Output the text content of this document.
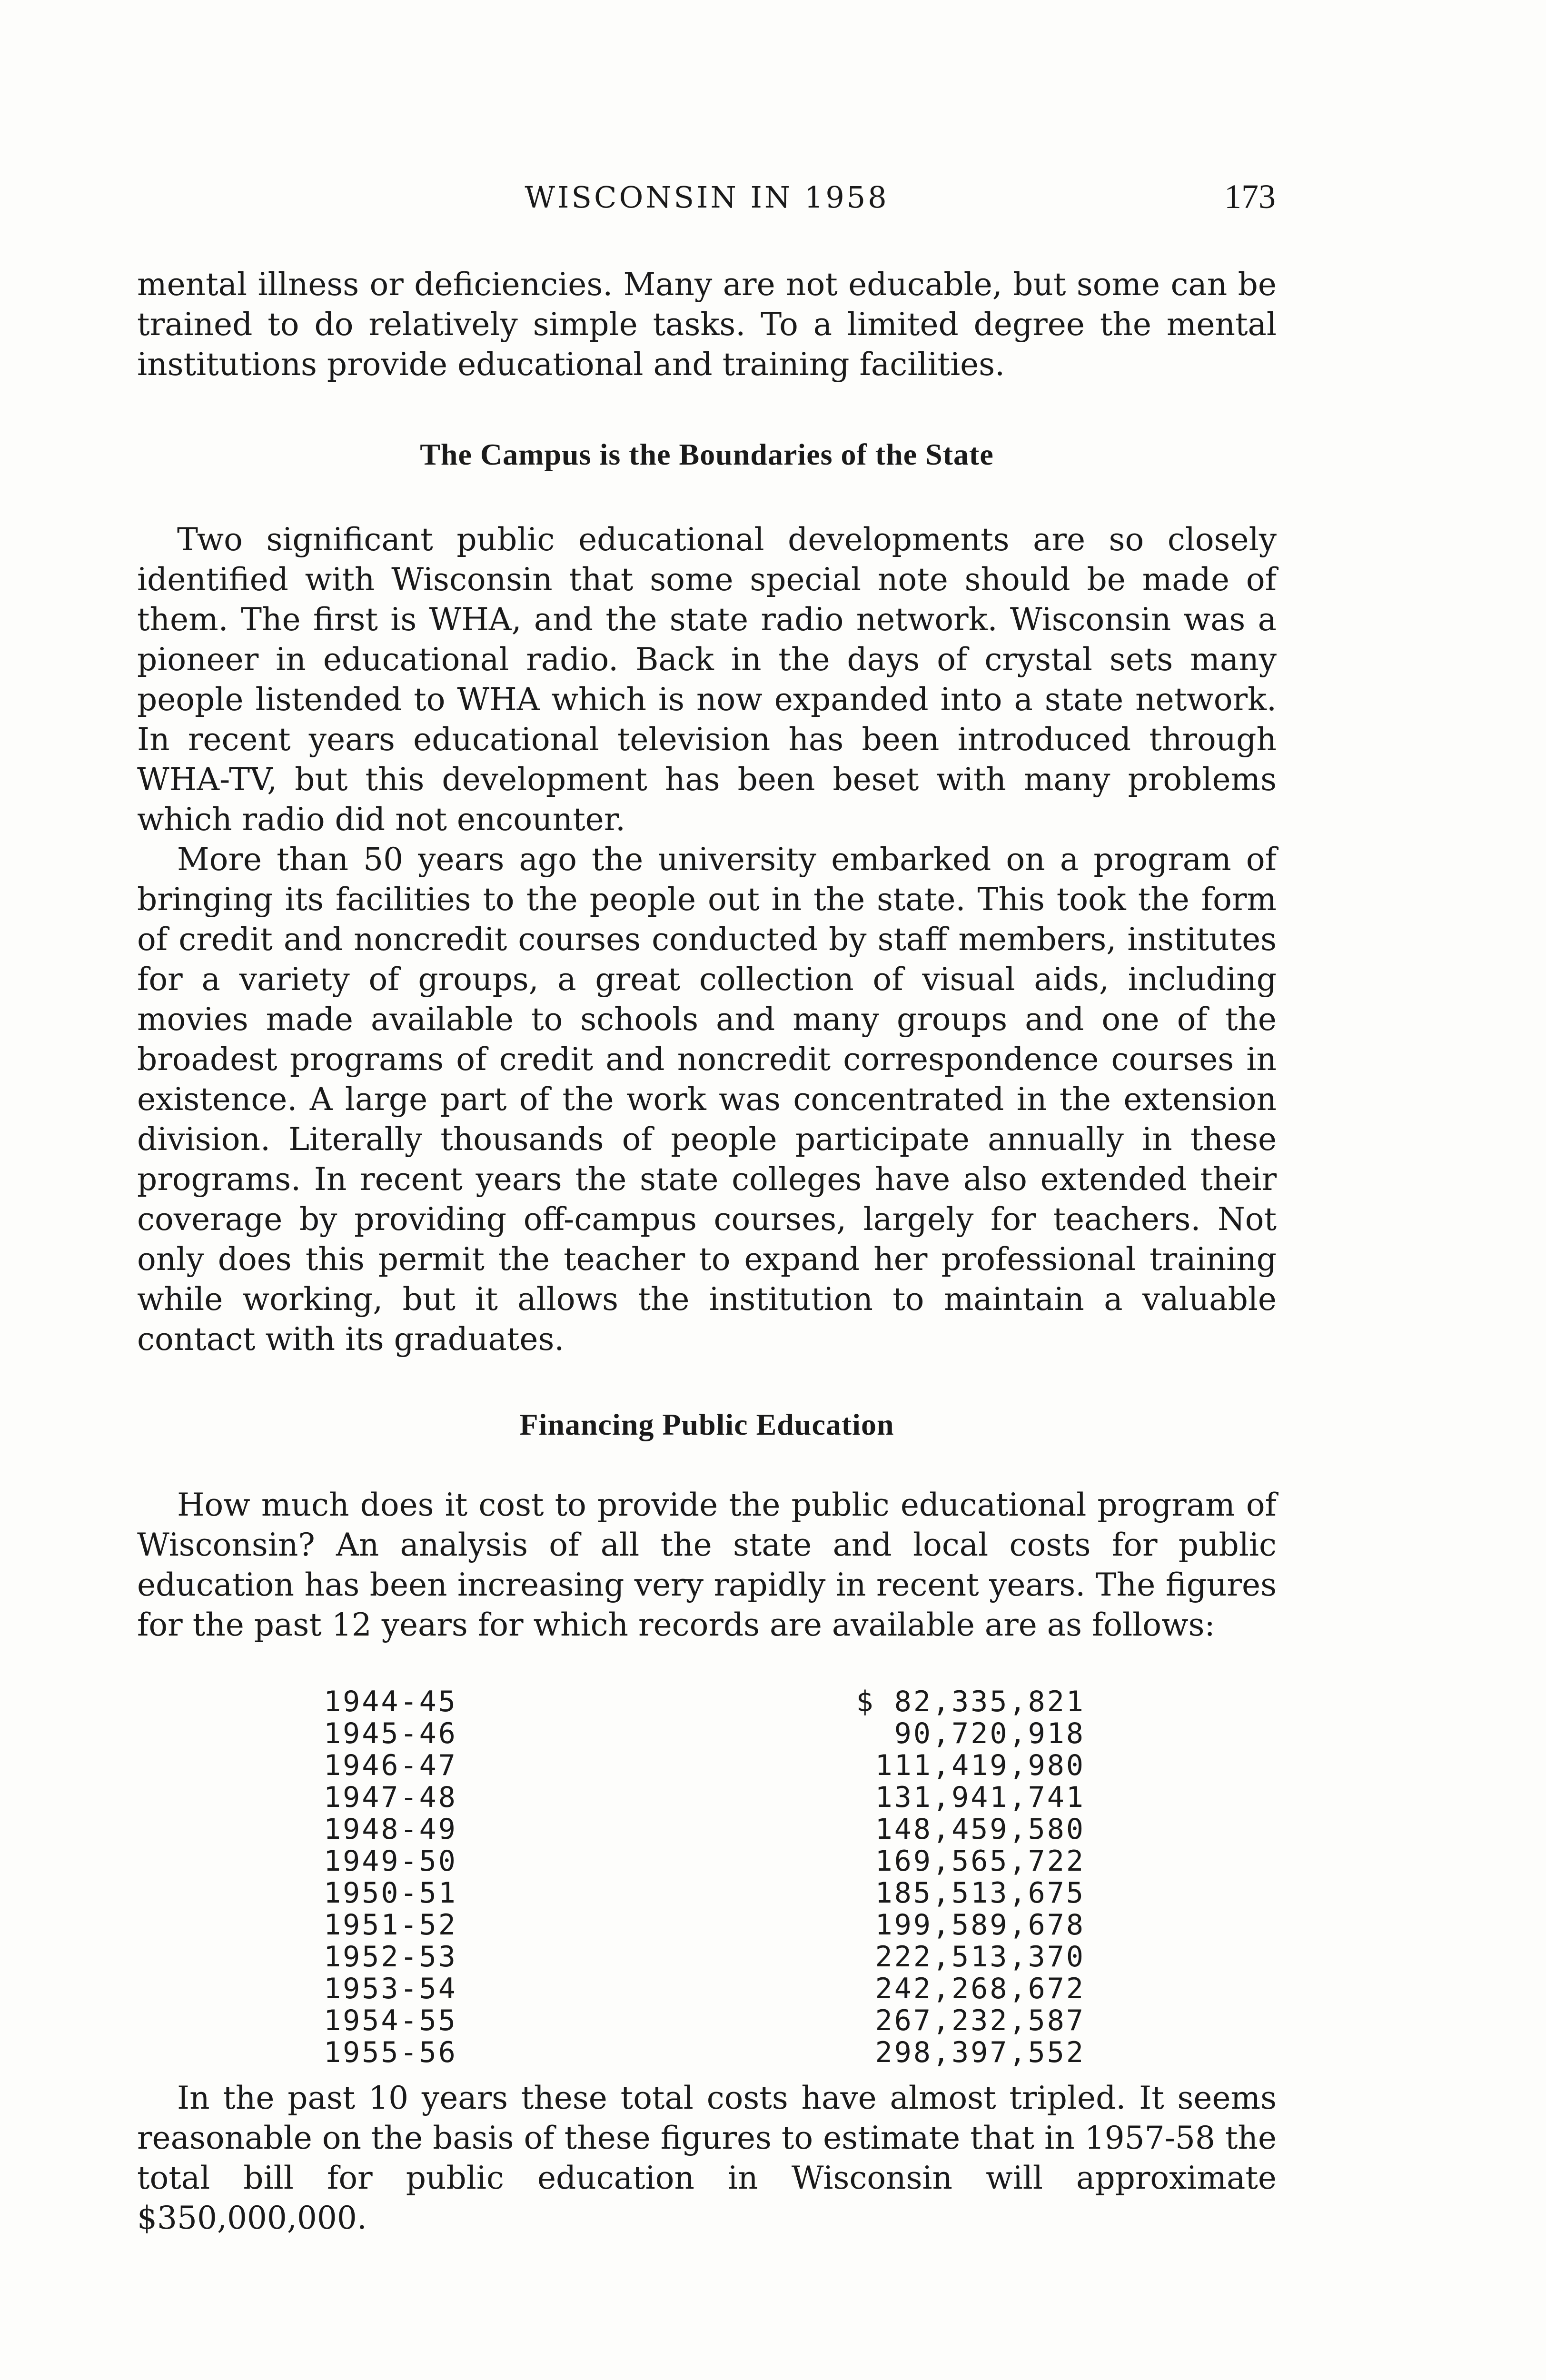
WISCONSIN IN 1958	173

mental illness or deficiencies. Many are not educable, but some can be trained to do relatively simple tasks. To a limited degree the mental institutions provide educational and training facilities.

The Campus is the Boundaries of the State

Two significant public educational developments are so closely identified with Wisconsin that some special note should be made of them. The first is WHA, and the state radio network. Wisconsin was a pioneer in educational radio. Back in the days of crystal sets many people listended to WHA which is now expanded into a state network. In recent years educational television has been introduced through WHA-TV, but this development has been beset with many problems which radio did not encounter.

More than 50 years ago the university embarked on a program of bringing its facilities to the people out in the state. This took the form of credit and noncredit courses conducted by staff members, institutes for a variety of groups, a great collection of visual aids, including movies made available to schools and many groups and one of the broadest programs of credit and noncredit correspondence courses in existence. A large part of the work was concentrated in the extension division. Literally thousands of people participate annually in these programs. In recent years the state colleges have also extended their coverage by providing off-campus courses, largely for teachers. Not only does this permit the teacher to expand her professional training while working, but it allows the institution to maintain a valuable contact with its graduates.

Financing Public Education

How much does it cost to provide the public educational program of Wisconsin? An analysis of all the state and local costs for public education has been increasing very rapidly in recent years. The figures for the past 12 years for which records are available are as follows:

1944-45	$ 82,335,821
1945-46	90,720,918
1946-47	111,419,980
1947-48	131,941,741
1948-49	148,459,580
1949-50	169,565,722
1950-51	185,513,675
1951-52	199,589,678
1952-53	222,513,370
1953-54	242,268,672
1954-55	267,232,587
1955-56	298,397,552

In the past 10 years these total costs have almost tripled. It seems reasonable on the basis of these figures to estimate that in 1957-58 the total bill for public education in Wisconsin will approximate $350,000,000.
